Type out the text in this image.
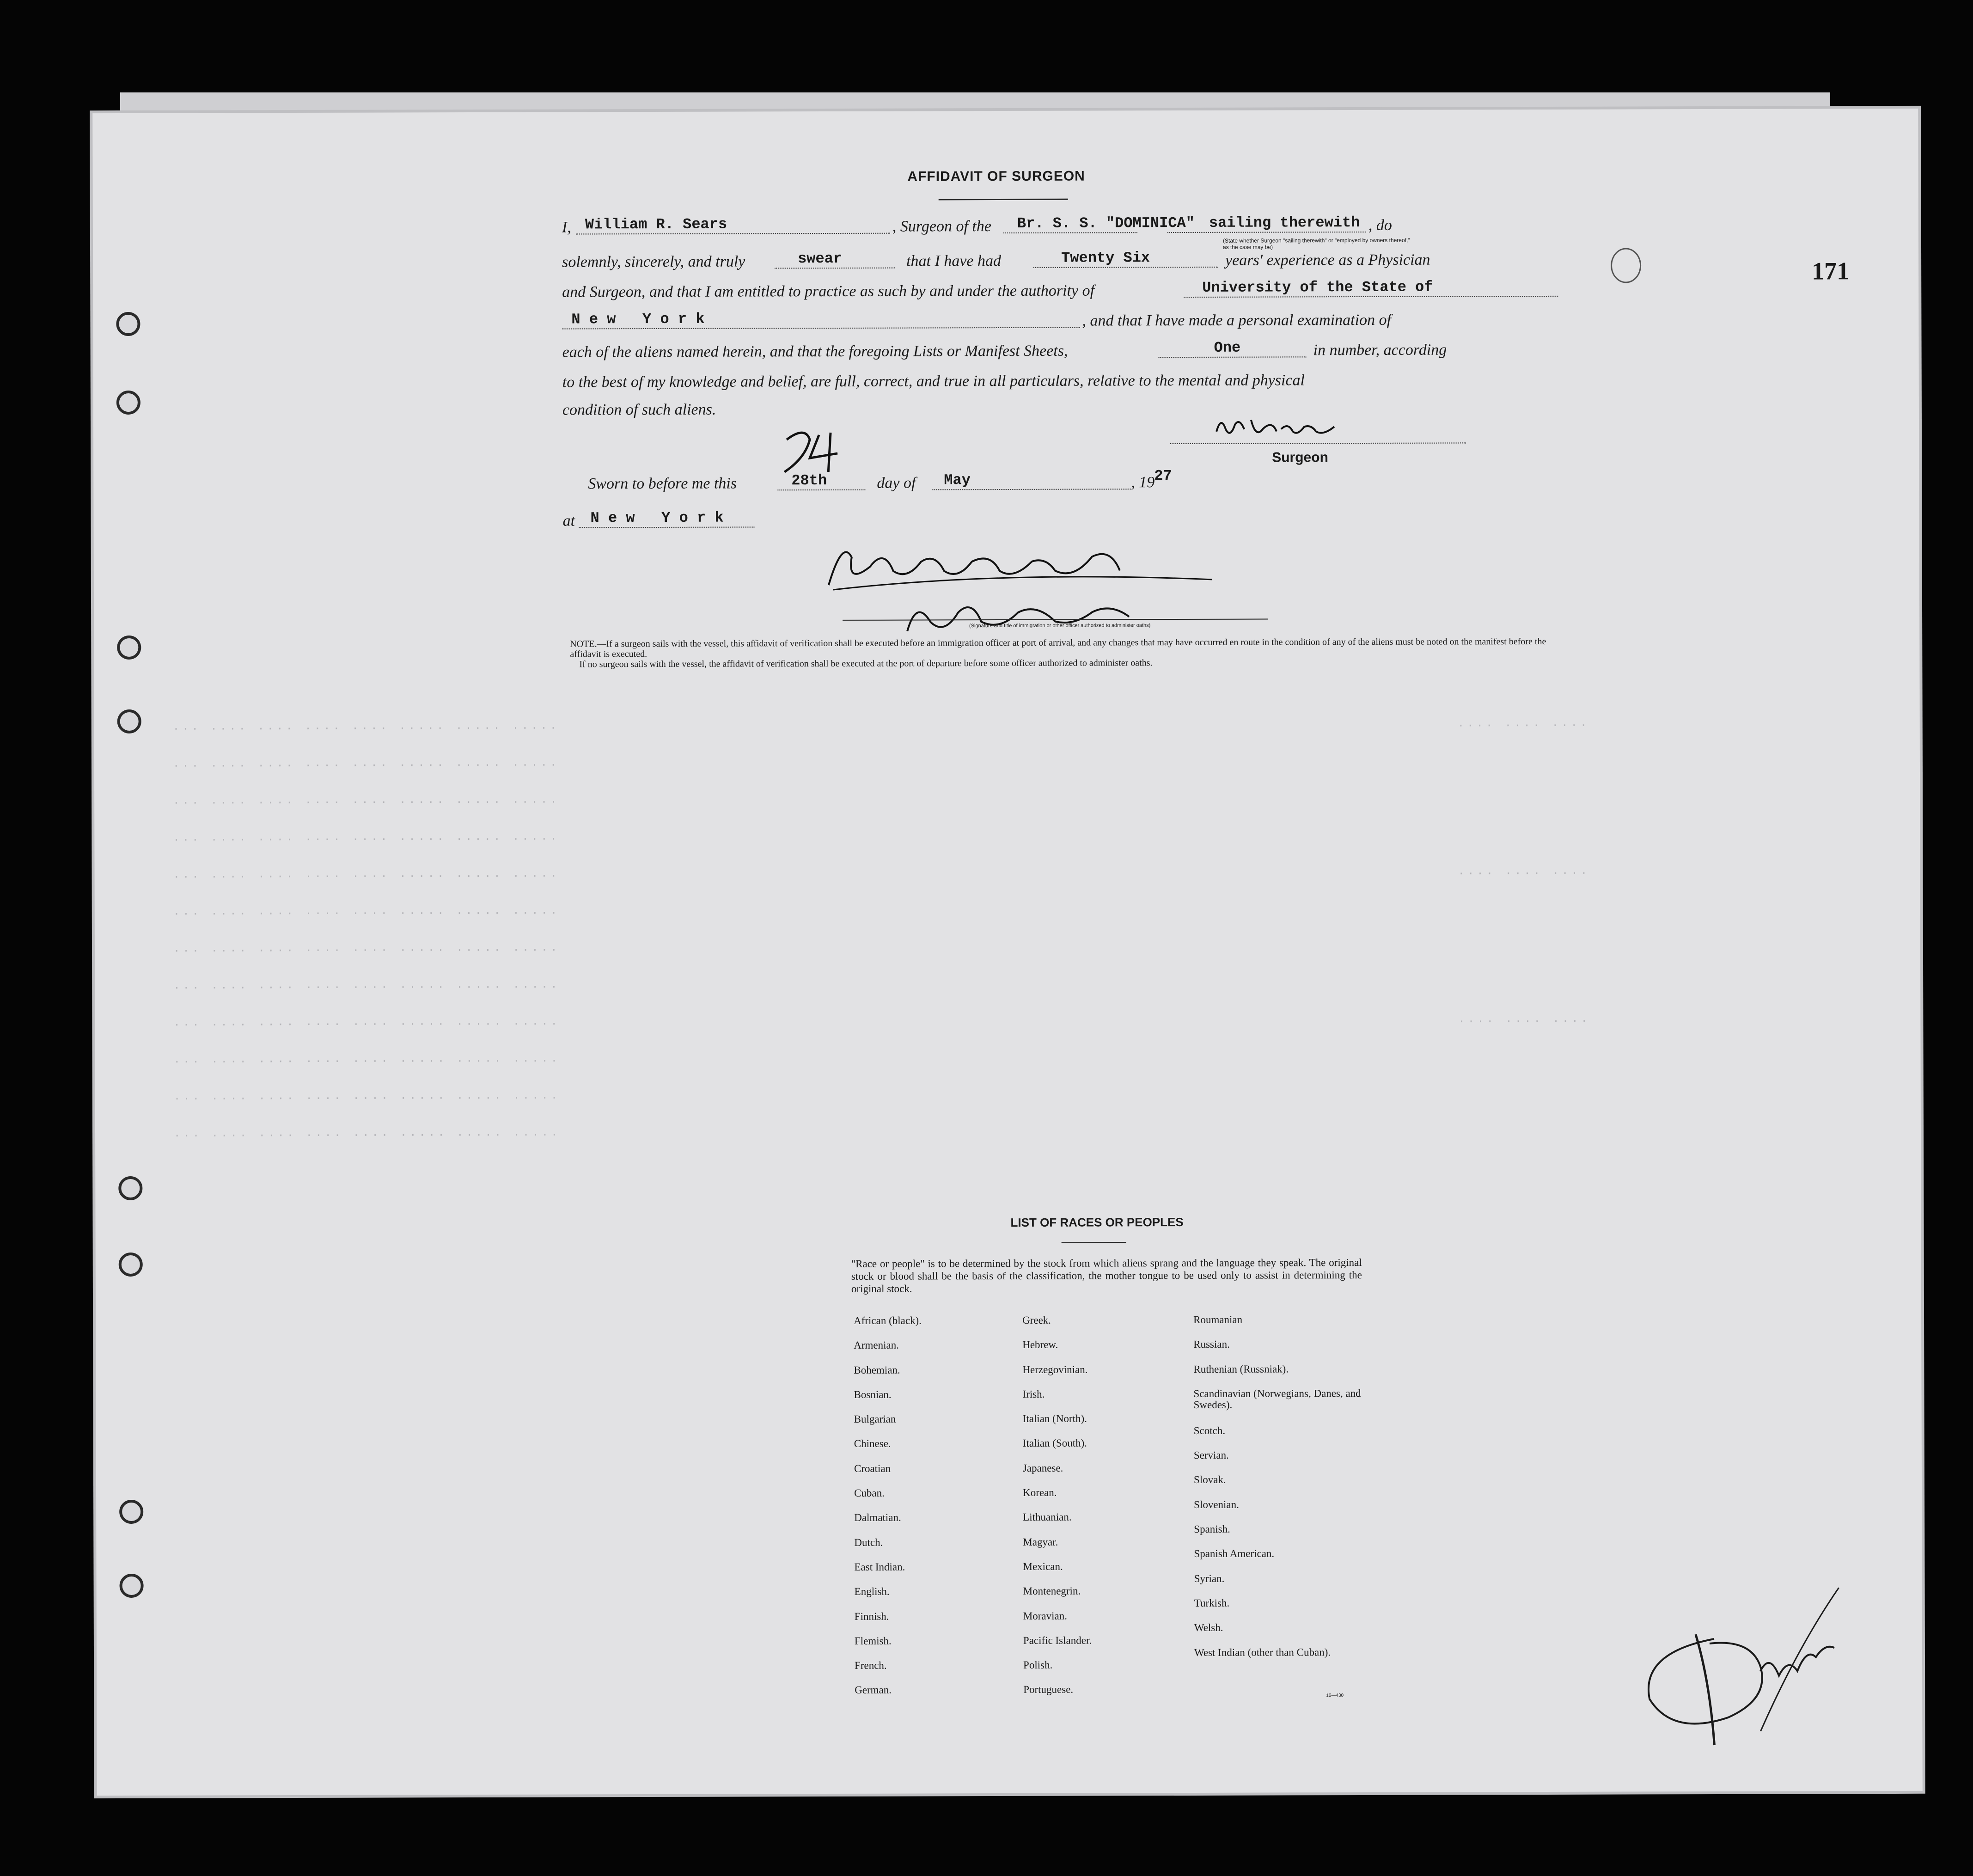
171
··· ···· ···· ···· ···· ····· ····· ·····
··· ···· ···· ···· ···· ····· ····· ·····
··· ···· ···· ···· ···· ····· ····· ·····
··· ···· ···· ···· ···· ····· ····· ·····
··· ···· ···· ···· ···· ····· ····· ·····
··· ···· ···· ···· ···· ····· ····· ·····
··· ···· ···· ···· ···· ····· ····· ·····
··· ···· ···· ···· ···· ····· ····· ·····
··· ···· ···· ···· ···· ····· ····· ·····
··· ···· ···· ···· ···· ····· ····· ·····
··· ···· ···· ···· ···· ····· ····· ·····
··· ···· ···· ···· ···· ····· ····· ·····
···· ···· ····
···· ···· ····
···· ···· ····
AFFIDAVIT OF SURGEON
I, William R. Sears	, Surgeon of the Br. S. S. "DOMINICA" sailing therewith , do
(State whether Surgeon "sailing therewith" or "employed by owners thereof," as the case may be)
solemnly, sincerely, and truly	swear	that I have had	Twenty Six	years' experience as a Physician
and Surgeon, and that I am entitled to practice as such by and under the authority of	University of the State of
N e w   Y o r k	, and that I have made a personal examination of
each of the aliens named herein, and that the foregoing Lists or Manifest Sheets,	One	in number, according
to the best of my knowledge and belief, are full, correct, and true in all particulars, relative to the mental and physical
condition of such aliens.
Surgeon
Sworn to before me this	28th	day of May	, 19
27
at N e w   Y o r k
(Signature and title of immigration or other officer authorized to administer oaths)
NOTE.—If a surgeon sails with the vessel, this affidavit of verification shall be executed before an immigration officer at port of arrival, and any changes that may have occurred en route in the condition of any of the aliens must be noted on the manifest before the affidavit is executed.
If no surgeon sails with the vessel, the affidavit of verification shall be executed at the port of departure before some officer authorized to administer oaths.
LIST OF RACES OR PEOPLES
"Race or people" is to be determined by the stock from which aliens sprang and the language they speak. The original stock or blood shall be the basis of the classification, the mother tongue to be used only to assist in determining the original stock.
African (black).
Armenian.
Bohemian.
Bosnian.
Bulgarian
Chinese.
Croatian
Cuban.
Dalmatian.
Dutch.
East Indian.
English.
Finnish.
Flemish.
French.
German.
Greek.
Hebrew.
Herzegovinian.
Irish.
Italian (North).
Italian (South).
Japanese.
Korean.
Lithuanian.
Magyar.
Mexican.
Montenegrin.
Moravian.
Pacific Islander.
Polish.
Portuguese.
Roumanian
Russian.
Ruthenian (Russniak).
Scandinavian (Norwegians, Danes, and Swedes).
Scotch.
Servian.
Slovak.
Slovenian.
Spanish.
Spanish American.
Syrian.
Turkish.
Welsh.
West Indian (other than Cuban).
16—430
